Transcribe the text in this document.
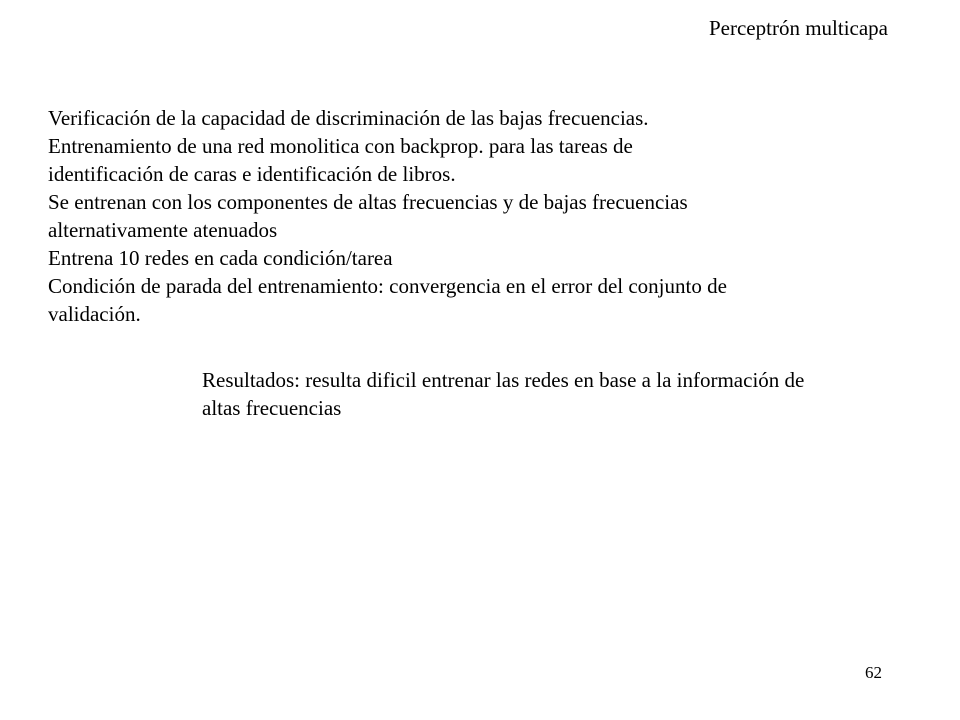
Perceptrón multicapa
Verificación de la capacidad de discriminación de las bajas frecuencias.
Entrenamiento de una red monolitica con backprop. para las tareas de
identificación de caras e identificación de libros.
Se entrenan con los componentes de altas frecuencias y de bajas frecuencias
alternativamente atenuados
Entrena 10 redes en cada condición/tarea
Condición de parada del entrenamiento: convergencia en el error del conjunto de
validación.
Resultados: resulta dificil entrenar las redes en base a la información de
altas frecuencias
62
